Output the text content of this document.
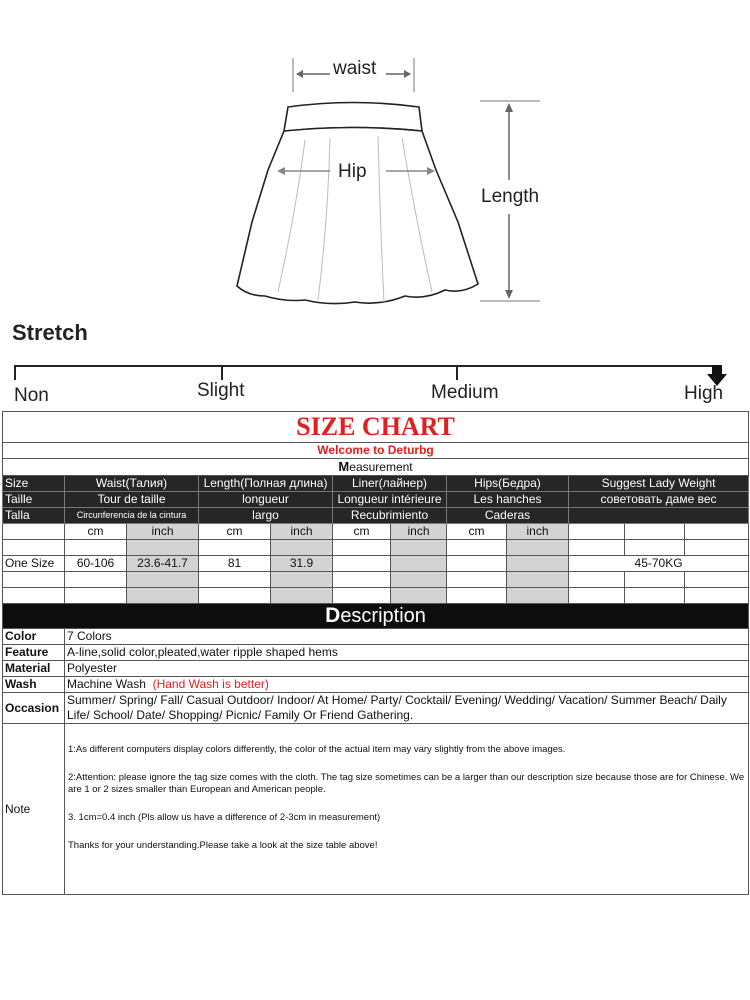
waist
Hip
Length
Stretch
Non	Slight	Medium	High
SIZE CHART											
Welcome to Deturbg											
Measurement											
Size	Waist(Талия)		Length(Полная длина)		Liner(лайнер)		Hips(Бедра)		Suggest Lady Weight		
Taille	Tour de taille		longueur		Longueur intérieure		Les hanches		советовать даме вес		
Talla	Circunferencia de la cintura		largo		Recubrimiento		Caderas				
	cm	inch	cm	inch	cm	inch	cm	inch			

One Size	60-106	23.6-41.7	81	31.9					45-70KG		

Description											
Color	7 Colors										
Feature	A-line,solid color,pleated,water ripple shaped hems										
Material	Polyester										
Wash	Machine Wash (Hand Wash is better)										
Occasion	Summer/ Spring/ Fall/ Casual Outdoor/ Indoor/ At Home/ Party/ Cocktail/ Evening/ Wedding/ Vacation/ Summer Beach/ Daily Life/ School/ Date/ Shopping/ Picnic/ Family Or Friend Gathering.										
Note	1:As different computers display colors differently, the color of the actual item may vary slightly from the above images.

2:Attention: please ignore the tag size comes with the cloth. The tag size sometimes can be a larger than our description size because those are for Chinese. We are 1 or 2 sizes smaller than European and American people.

3. 1cm=0.4 inch (Pls allow us have a difference of 2-3cm in measurement)

Thanks for your understanding.Please take a look at the size table above!										
